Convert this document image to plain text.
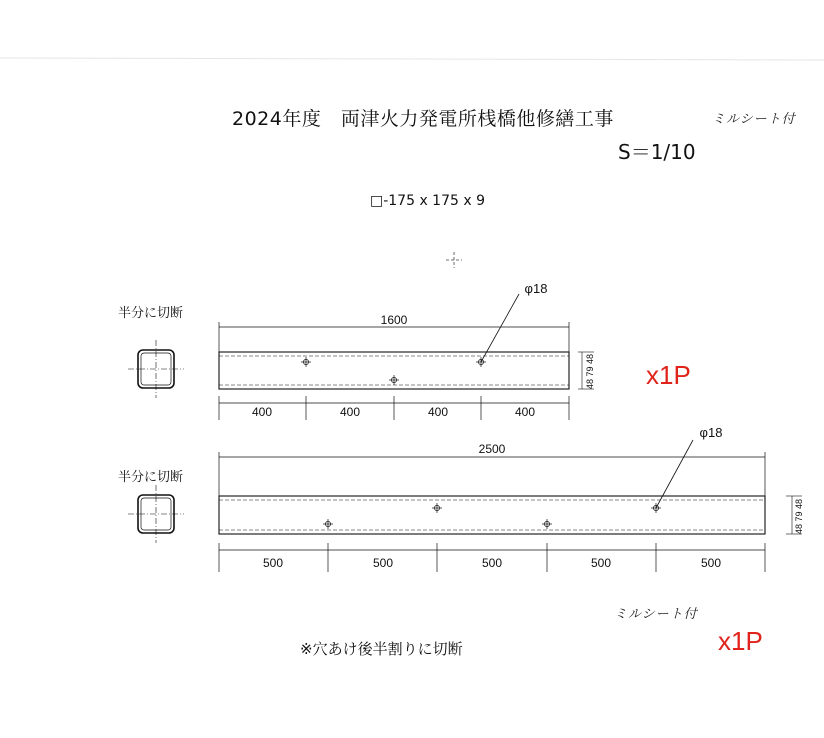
2024年度　両津火力発電所桟橋他修繕工事
S＝1/10
ミルシート付
□-175 x 175 x 9
半分に切断
半分に切断
x1P
x1P
ミルシート付
※穴あけ後半割りに切断
1600
φ18
400	400	400	400
48 79 48
2500
φ18
500	500	500	500	500
48 79 48
